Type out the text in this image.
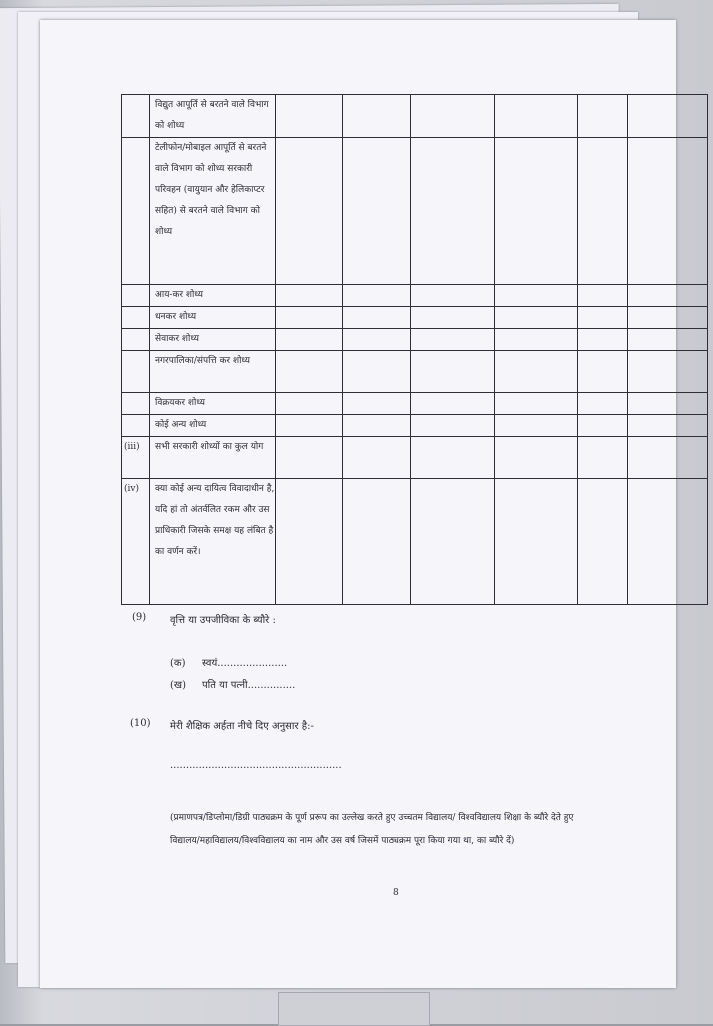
	विद्युत आपूर्ति से बरतने वाले विभाग को शोध्य						
	टेलीफोन/मोबाइल आपूर्ति से बरतने वाले विभाग को शोध्य सरकारी परिवहन (वायुयान और हेलिकाप्टर सहित) से बरतने वाले विभाग को शोध्य						
	आय-कर शोध्य						
	धनकर शोध्य						
	सेवाकर शोध्य						
	नगरपालिका/संपत्ति कर शोध्य						
	विक्रयकर शोध्य						
	कोई अन्य शोध्य						
(iii)	सभी सरकारी शोध्यों का कुल योग						
(iv)	क्या कोई अन्य दायित्व विवादाधीन है, यदि हां तो अंतर्वलित रकम और उस प्राधिकारी जिसके समक्ष यह लंबित है का वर्णन करें।						
(9) वृत्ति या उपजीविका के ब्यौरे :
(क) स्वयं......................
(ख) पति या पत्नी...............
(10) मेरी शैक्षिक अर्हता नीचे दिए अनुसार है:-
......................................................
(प्रमाणपत्र/डिप्लोमा/डिग्री पाठ्यक्रम के पूर्ण प्ररूप का उल्लेख करते हुए उच्चतम विद्यालय/ विश्वविद्यालय शिक्षा के ब्यौरे देते हुए
विद्यालय/महाविद्यालय/विश्वविद्यालय का नाम और उस वर्ष जिसमें पाठ्यक्रम पूरा किया गया था, का ब्यौरे दें)
8
